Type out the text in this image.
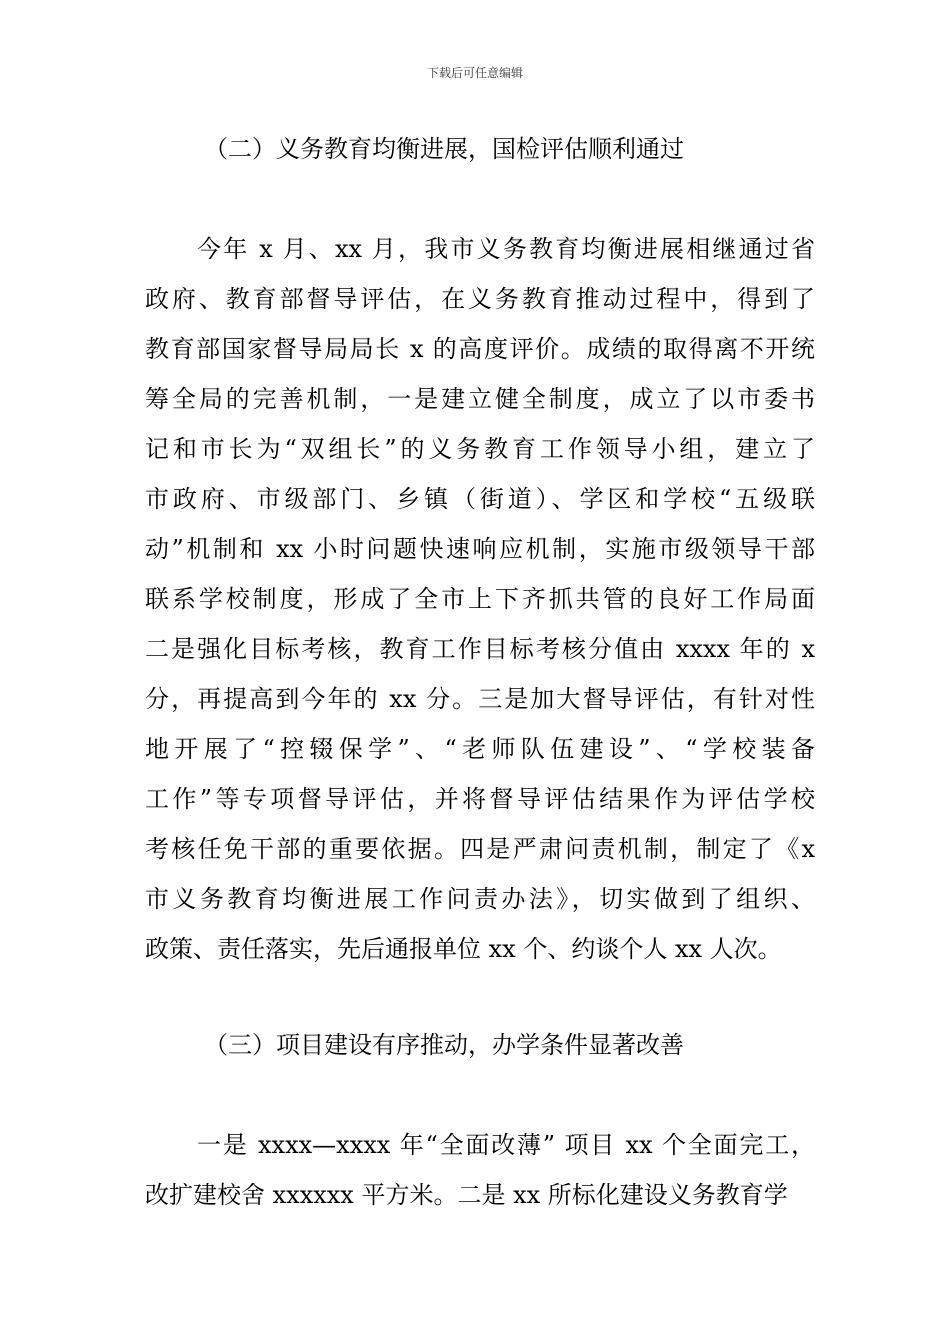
下载后可任意编辑
（二）义务教育均衡进展，国检评估顺利通过
今年 x 月、xx 月，我市义务教育均衡进展相继通过省
政府、教育部督导评估，在义务教育推动过程中，得到了
教育部国家督导局局长 x 的高度评价。成绩的取得离不开统
筹全局的完善机制，一是建立健全制度，成立了以市委书
记和市长为“双组长”的义务教育工作领导小组，建立了
市政府、市级部门、乡镇（街道）、学区和学校“五级联
动”机制和 xx 小时问题快速响应机制，实施市级领导干部
联系学校制度，形成了全市上下齐抓共管的良好工作局面
二是强化目标考核，教育工作目标考核分值由 xxxx 年的 x
分，再提高到今年的 xx 分。三是加大督导评估，有针对性
地开展了“控辍保学”、“老师队伍建设”、“学校装备
工作”等专项督导评估，并将督导评估结果作为评估学校
考核任免干部的重要依据。四是严肃问责机制，制定了《x
市义务教育均衡进展工作问责办法》，切实做到了组织、
政策、责任落实，先后通报单位 xx 个、约谈个人 xx 人次。
（三）项目建设有序推动，办学条件显著改善
一是 xxxx—xxxx 年“全面改薄” 项目 xx 个全面完工，
改扩建校舍 xxxxxx 平方米。二是 xx 所标化建设义务教育学
